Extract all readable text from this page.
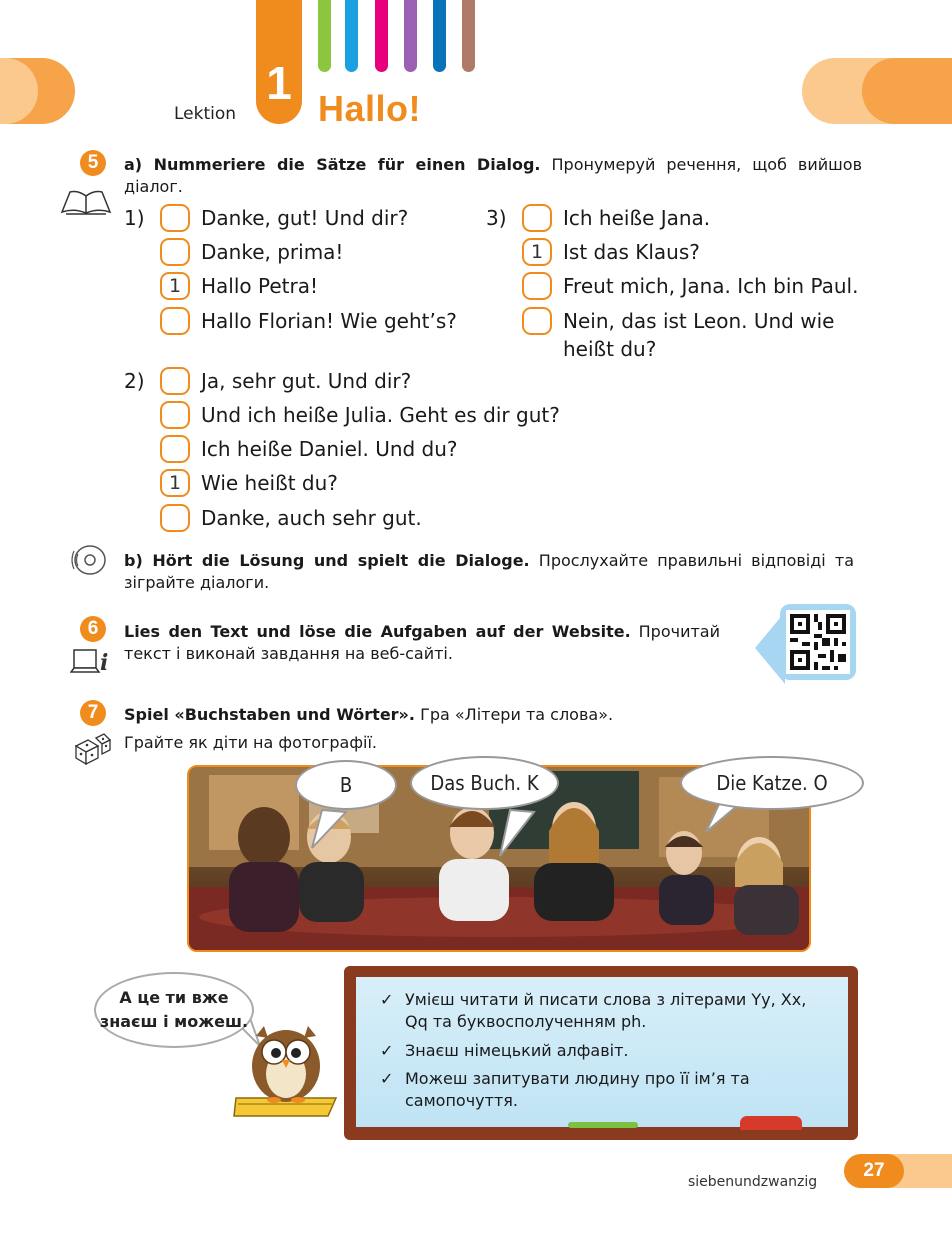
Lektion
1 Hallo!
5	a) Nummeriere die Sätze für einen Dialog. Пронумеруй речення, щоб вийшов діалог.
1)	Danke, gut! Und dir?
Danke, prima!
1 Hallo Petra!
Hallo Florian! Wie geht’s?
3)	Ich heiße Jana.
1 Ist das Klaus?
Freut mich, Jana. Ich bin Paul.
Nein, das ist Leon. Und wie
heißt du?
2)	Ja, sehr gut. Und dir?
Und ich heiße Julia. Geht es dir gut?
Ich heiße Daniel. Und du?
1 Wie heißt du?
Danke, auch sehr gut.
b) Hört die Lösung und spielt die Dialoge. Прослухайте правильні відповіді та зіграйте діалоги.
6
i
Lies den Text und löse die Aufgaben auf der Website. Прочитай текст і виконай завдання на веб-сайті.
7	Spiel «Buchstaben und Wörter». Гра «Літери та слова».
Грайте як діти на фотографії.
B	Das Buch. K	Die Katze. O
А це ти вже
знаєш і можеш.
✓ Умієш читати й писати слова з літерами Yy, Xx, Qq та буквосполученням ph.
✓ Знаєш німецький алфавіт.
✓ Можеш запитувати людину про її ім’я та самопочуття.
siebenundzwanzig
27
